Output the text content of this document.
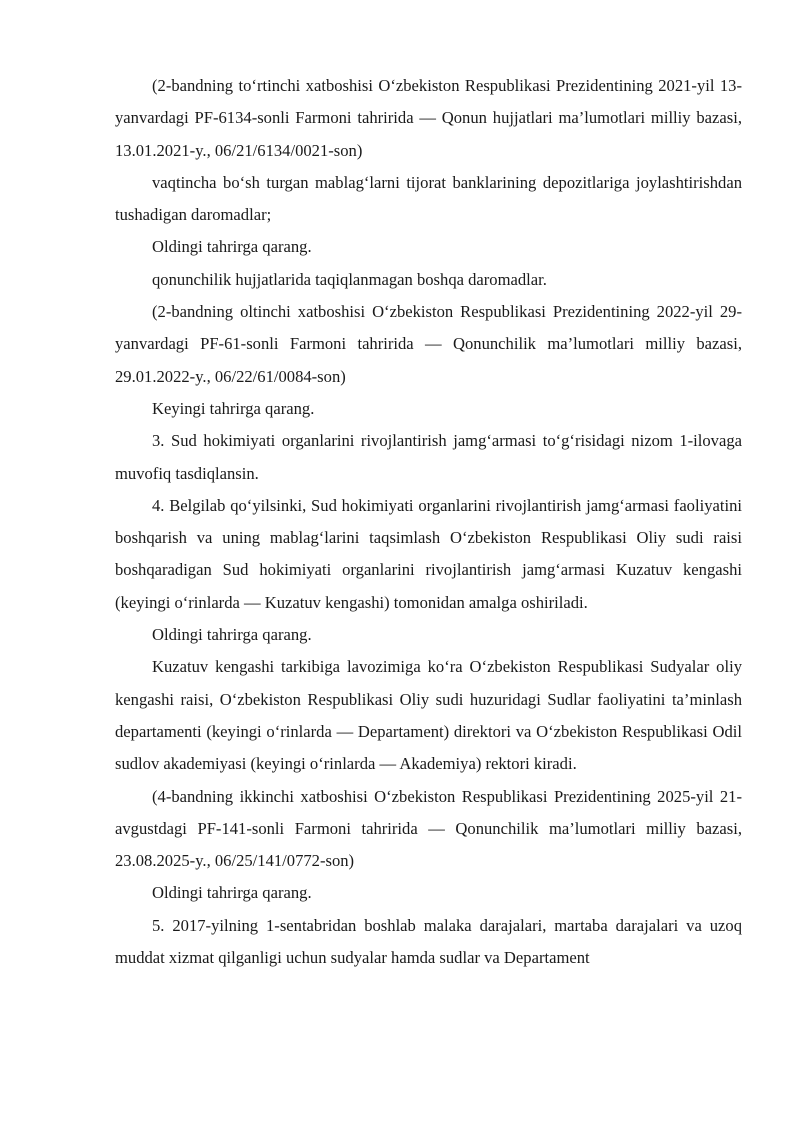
(2-bandning to‘rtinchi xatboshisi O‘zbekiston Respublikasi Prezidentining 2021-yil 13-yanvardagi PF-6134-sonli Farmoni tahririda — Qonun hujjatlari ma’lumotlari milliy bazasi, 13.01.2021-y., 06/21/6134/0021-son)

vaqtincha bo‘sh turgan mablag‘larni tijorat banklarining depozitlariga joylashtirishdan tushadigan daromadlar;

Oldingi tahrirga qarang.

qonunchilik hujjatlarida taqiqlanmagan boshqa daromadlar.

(2-bandning oltinchi xatboshisi O‘zbekiston Respublikasi Prezidentining 2022-yil 29-yanvardagi PF-61-sonli Farmoni tahririda — Qonunchilik ma’lumotlari milliy bazasi, 29.01.2022-y., 06/22/61/0084-son)

Keyingi tahrirga qarang.

3. Sud hokimiyati organlarini rivojlantirish jamg‘armasi to‘g‘risidagi nizom 1-ilovaga muvofiq tasdiqlansin.

4. Belgilab qo‘yilsinki, Sud hokimiyati organlarini rivojlantirish jamg‘armasi faoliyatini boshqarish va uning mablag‘larini taqsimlash O‘zbekiston Respublikasi Oliy sudi raisi boshqaradigan Sud hokimiyati organlarini rivojlantirish jamg‘armasi Kuzatuv kengashi (keyingi o‘rinlarda — Kuzatuv kengashi) tomonidan amalga oshiriladi.

Oldingi tahrirga qarang.

Kuzatuv kengashi tarkibiga lavozimiga ko‘ra O‘zbekiston Respublikasi Sudyalar oliy kengashi raisi, O‘zbekiston Respublikasi Oliy sudi huzuridagi Sudlar faoliyatini ta’minlash departamenti (keyingi o‘rinlarda — Departament) direktori va O‘zbekiston Respublikasi Odil sudlov akademiyasi (keyingi o‘rinlarda — Akademiya) rektori kiradi.

(4-bandning ikkinchi xatboshisi O‘zbekiston Respublikasi Prezidentining 2025-yil 21-avgustdagi PF-141-sonli Farmoni tahririda — Qonunchilik ma’lumotlari milliy bazasi, 23.08.2025-y., 06/25/141/0772-son)

Oldingi tahrirga qarang.

5. 2017-yilning 1-sentabridan boshlab malaka darajalari, martaba darajalari va uzoq muddat xizmat qilganligi uchun sudyalar hamda sudlar va Departament
